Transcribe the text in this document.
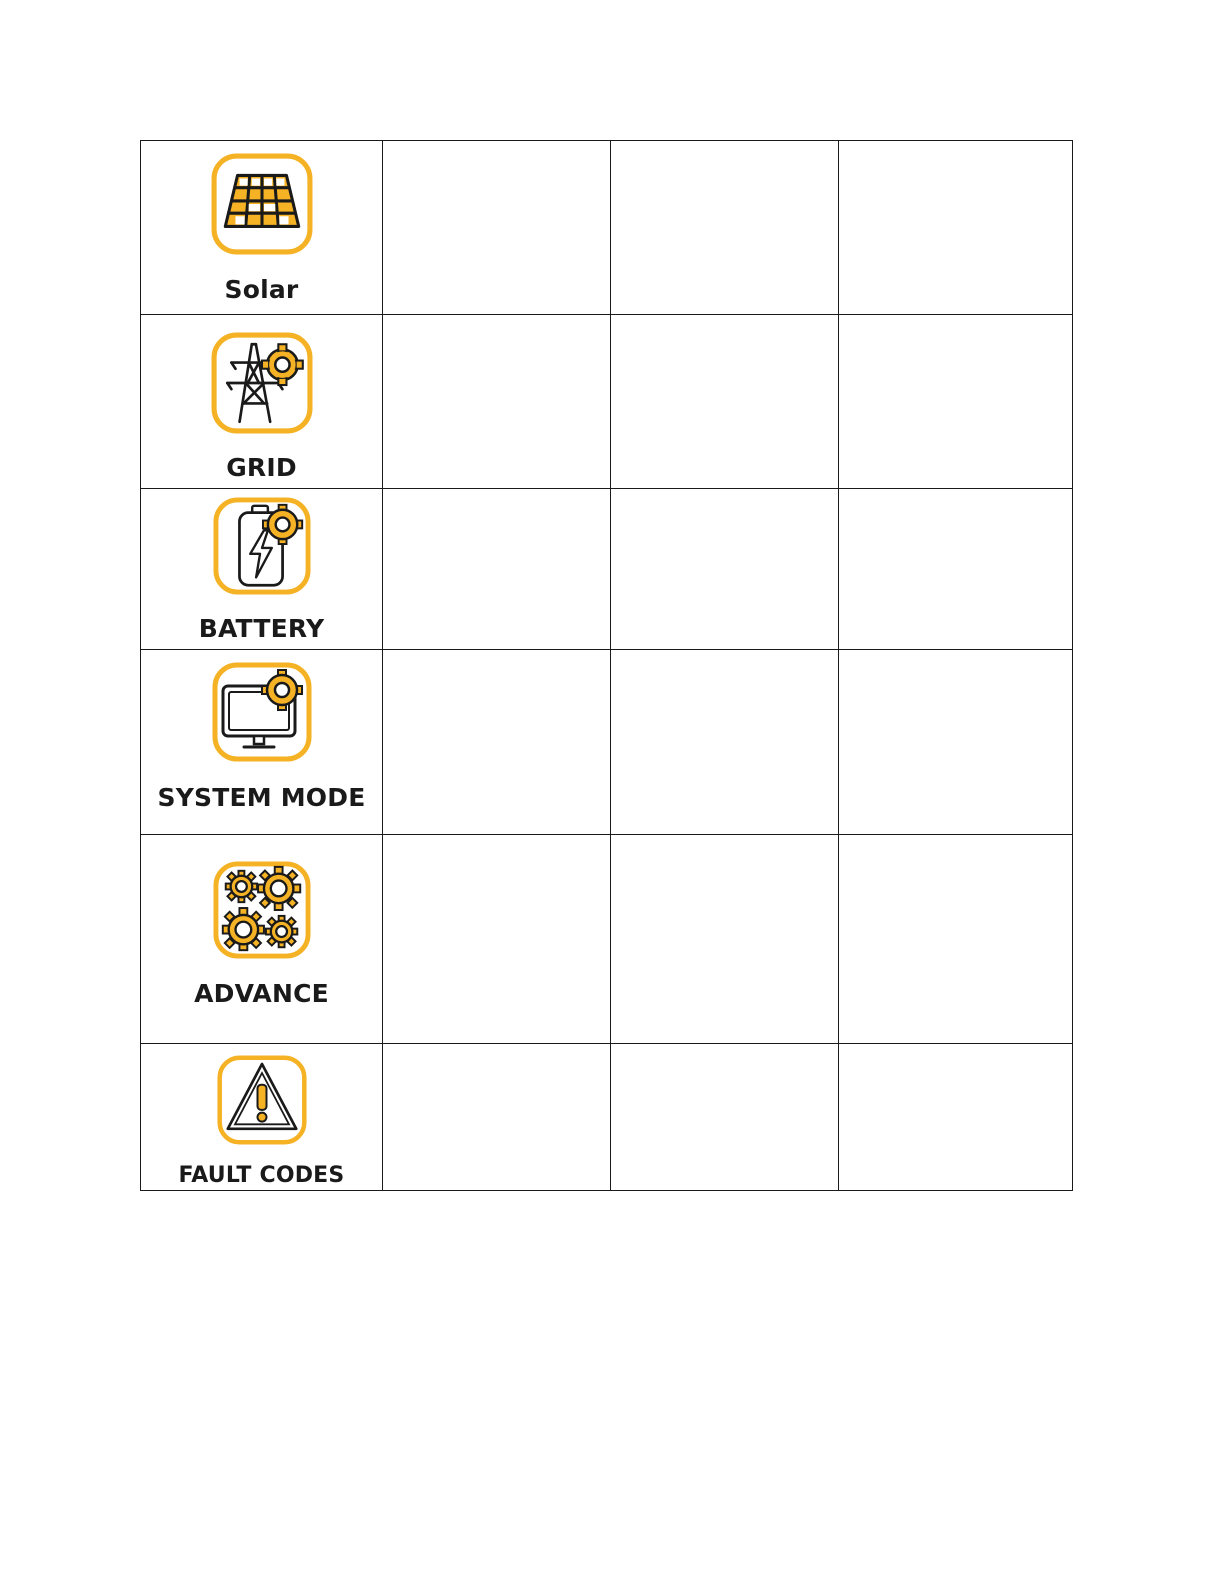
Solar			

GRID			

BATTERY			

SYSTEM MODE			

ADVANCE			

FAULT CODES			
